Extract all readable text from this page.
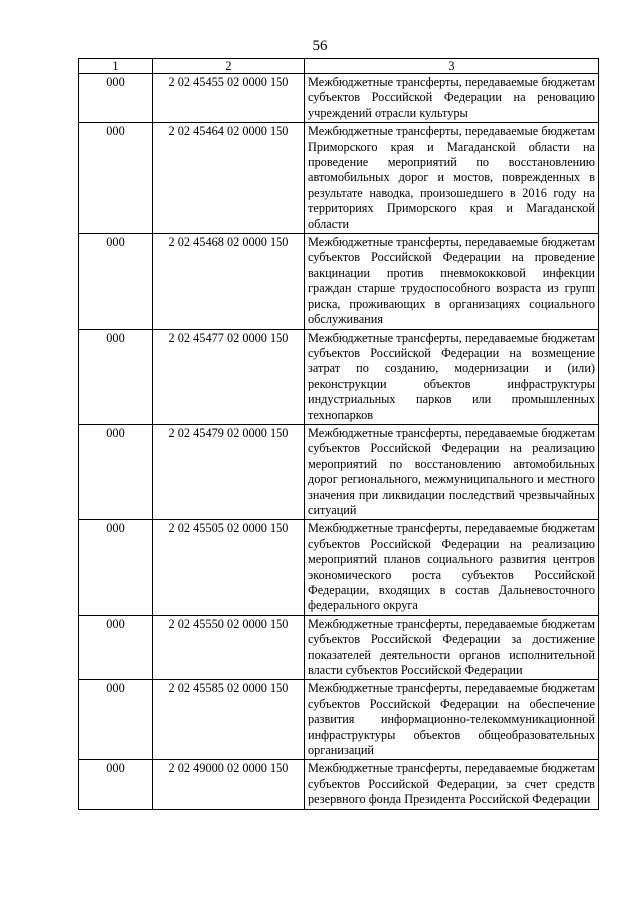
56
1	2	3
000	2 02 45455 02 0000 150	Межбюджетные трансферты, передаваемые бюджетам субъектов Российской Федерации на реновацию учреждений отрасли культуры
000	2 02 45464 02 0000 150	Межбюджетные трансферты, передаваемые бюджетам Приморского края и Магаданской области на проведение мероприятий по восстановлению автомобильных дорог и мостов, поврежденных в результате наводка, произошедшего в 2016 году на территориях Приморского края и Магаданской области
000	2 02 45468 02 0000 150	Межбюджетные трансферты, передаваемые бюджетам субъектов Российской Федерации на проведение вакцинации против пневмококковой инфекции граждан старше трудоспособного возраста из групп риска, проживающих в организациях социального обслуживания
000	2 02 45477 02 0000 150	Межбюджетные трансферты, передаваемые бюджетам субъектов Российской Федерации на возмещение затрат по созданию, модернизации и (или) реконструкции объектов инфраструктуры индустриальных парков или промышленных технопарков
000	2 02 45479 02 0000 150	Межбюджетные трансферты, передаваемые бюджетам субъектов Российской Федерации на реализацию мероприятий по восстановлению автомобильных дорог регионального, межмуниципального и местного значения при ликвидации последствий чрезвычайных ситуаций
000	2 02 45505 02 0000 150	Межбюджетные трансферты, передаваемые бюджетам субъектов Российской Федерации на реализацию мероприятий планов социального развития центров экономического роста субъектов Российской Федерации, входящих в состав Дальневосточного федерального округа
000	2 02 45550 02 0000 150	Межбюджетные трансферты, передаваемые бюджетам субъектов Российской Федерации за достижение показателей деятельности органов исполнительной власти субъектов Российской Федерации
000	2 02 45585 02 0000 150	Межбюджетные трансферты, передаваемые бюджетам субъектов Российской Федерации на обеспечение развития информационно-телекоммуникационной инфраструктуры объектов общеобразовательных организаций
000	2 02 49000 02 0000 150	Межбюджетные трансферты, передаваемые бюджетам субъектов Российской Федерации, за счет средств резервного фонда Президента Российской Федерации
